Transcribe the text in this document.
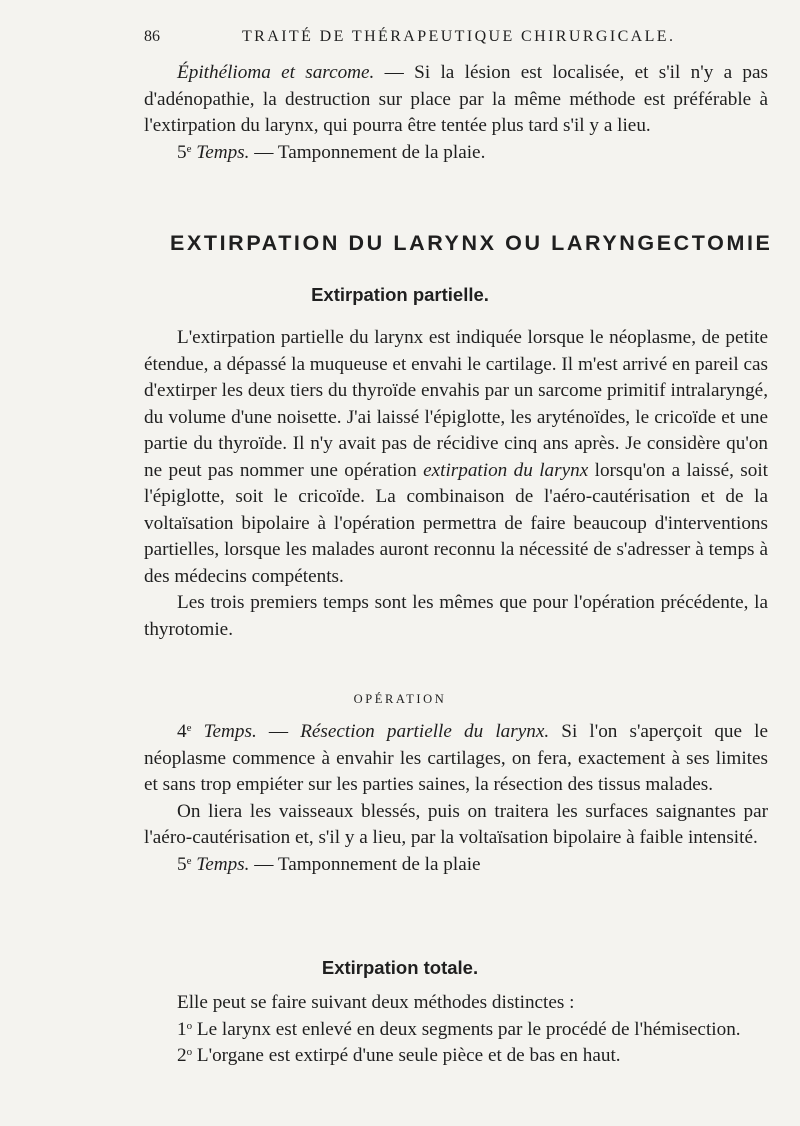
86	TRAITÉ DE THÉRAPEUTIQUE CHIRURGICALE.

Épithélioma et sarcome. — Si la lésion est localisée, et s'il n'y a pas d'adénopathie, la destruction sur place par la même méthode est préférable à l'extirpation du larynx, qui pourra être tentée plus tard s'il y a lieu.

5e Temps. — Tamponnement de la plaie.

EXTIRPATION DU LARYNX OU LARYNGECTOMIE
Extirpation partielle.

L'extirpation partielle du larynx est indiquée lorsque le néoplasme, de petite étendue, a dépassé la muqueuse et envahi le cartilage. Il m'est arrivé en pareil cas d'extirper les deux tiers du thyroïde envahis par un sarcome primitif intralaryngé, du volume d'une noisette. J'ai laissé l'épiglotte, les aryténoïdes, le cricoïde et une partie du thyroïde. Il n'y avait pas de récidive cinq ans après. Je considère qu'on ne peut pas nommer une opération extirpation du larynx lorsqu'on a laissé, soit l'épiglotte, soit le cricoïde. La combinaison de l'aéro-cautérisation et de la voltaïsation bipolaire à l'opération permettra de faire beaucoup d'interventions partielles, lorsque les malades auront reconnu la nécessité de s'adresser à temps à des médecins compétents.

Les trois premiers temps sont les mêmes que pour l'opération précédente, la thyrotomie.

OPÉRATION

4e Temps. — Résection partielle du larynx. Si l'on s'aperçoit que le néoplasme commence à envahir les cartilages, on fera, exactement à ses limites et sans trop empiéter sur les parties saines, la résection des tissus malades.

On liera les vaisseaux blessés, puis on traitera les surfaces saignantes par l'aéro-cautérisation et, s'il y a lieu, par la voltaïsation bipolaire à faible intensité.

5e Temps. — Tamponnement de la plaie

Extirpation totale.

Elle peut se faire suivant deux méthodes distinctes :

1$^o$ Le larynx est enlevé en deux segments par le procédé de l'hémisection.

2$^o$ L'organe est extirpé d'une seule pièce et de bas en haut.
